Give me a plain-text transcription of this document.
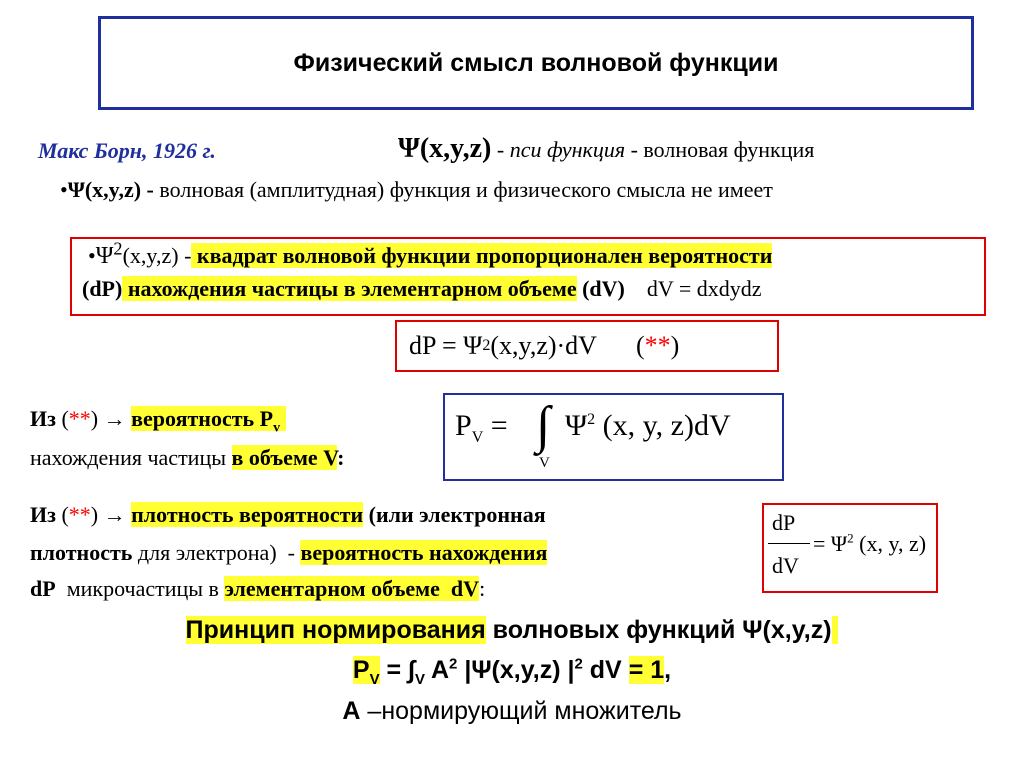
Физический смысл волновой функции
Макс Борн, 1926 г.	Ψ(x,y,z) - пси функция - волновая функция
•Ψ(x,y,z) - волновая (амплитудная) функция и физического смысла не имеет
$•\Psi^2(x,y,z)$ - квадрат волновой функции пропорционален вероятности
(dP) нахождения частицы в элементарном объеме (dV)    dV = dxdydz
dP = Ψ 2 (x,y,z)·dV ( ** )
Из (**) → вероятность $P_v$
нахождения частицы в объеме V:
$P_V$ = ∫
V
$\Psi^2$ (x, y, z)dV
Из (**) → плотность вероятности (или электронная
плотность для электрона)  - вероятность нахождения
dP  микрочастицы в элементарном объеме  dV:
dP
dV
= $\Psi^2$ (x, y, z)
Принцип нормирования волновых функций Ψ(x,y,z)
$P_V = \int_V$ $A^2$ |Ψ(x,y,z) $|^2$ dV = 1,
A –нормирующий множитель
